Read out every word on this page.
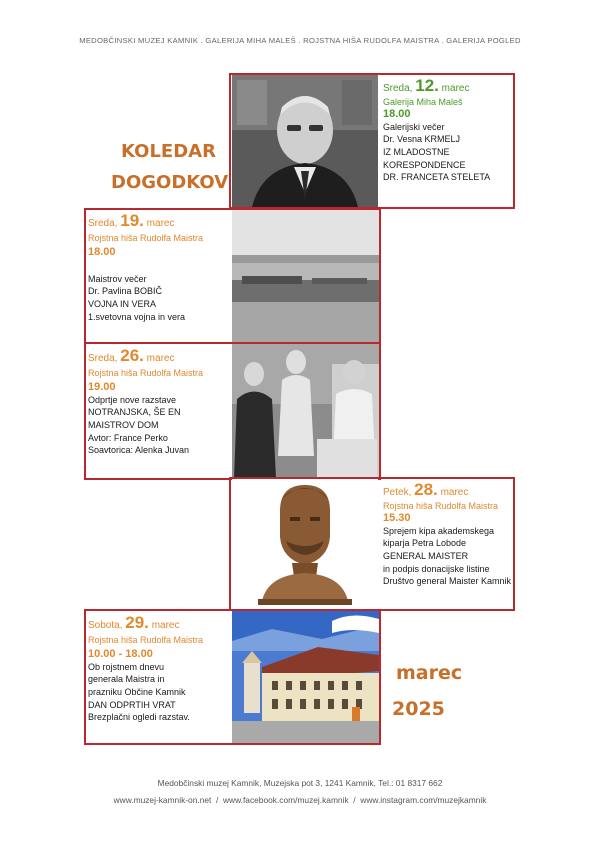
MEDOBČINSKI MUZEJ KAMNIK . GALERIJA MIHA MALEŠ . ROJSTNA HIŠA RUDOLFA MAISTRA . GALERIJA POGLED
KOLEDAR
DOGODKOV
marec
2025
Sreda, 12. marec
Galerija Miha Maleš
18.00
Galerijski večer
Dr. Vesna KRMELJ
IZ MLADOSTNE
KORESPONDENCE
DR. FRANCETA STELETA
Sreda, 19. marec
Rojstna hiša Rudolfa Maistra
18.00
Maistrov večer
Dr. Pavlina BOBIČ
VOJNA IN VERA
1.svetovna vojna in vera
Sreda, 26. marec
Rojstna hiša Rudolfa Maistra
19.00
Odprtje nove razstave
NOTRANJSKA, ŠE EN
MAISTROV DOM
Avtor: France Perko
Soavtorica: Alenka Juvan
Petek, 28. marec
Rojstna hiša Rudolfa Maistra
15.30
Sprejem kipa akademskega
kiparja Petra Lobode
GENERAL MAISTER
in podpis donacijske listine
Društvo general Maister Kamnik
Sobota, 29. marec
Rojstna hiša Rudolfa Maistra
10.00 - 18.00
Ob rojstnem dnevu
generala Maistra in
prazniku Občine Kamnik
DAN ODPRTIH VRAT
Brezplačni ogledi razstav.
Medobčinski muzej Kamnik, Muzejska pot 3, 1241 Kamnik, Tel.: 01 8317 662
www.muzej-kamnik-on.net  /  www.facebook.com/muzej.kamnik  /  www.instagram.com/muzejkamnik
